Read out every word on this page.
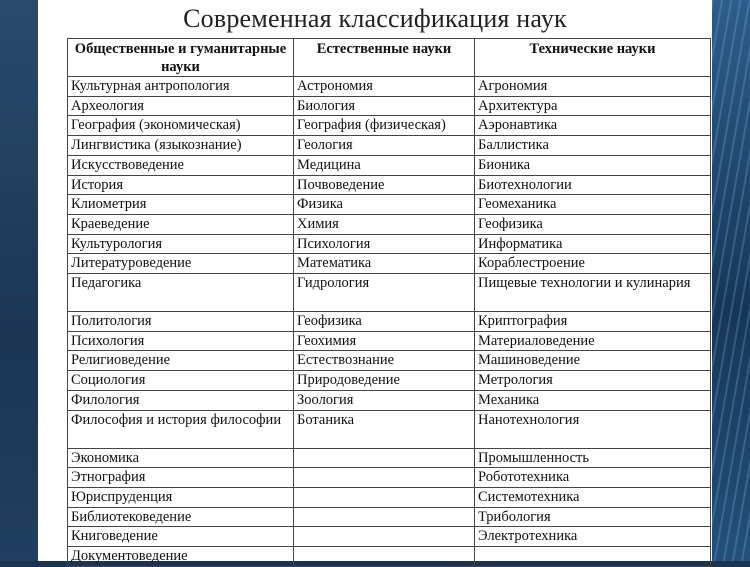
Современная классификация наук
Общественные и гуманитарные науки	Естественные науки	Технические науки
Культурная антропология	Астрономия	Агрономия
Археология	Биология	Архитектура
География (экономическая)	География (физическая)	Аэронавтика
Лингвистика (языкознание)	Геология	Баллистика
Искусствоведение	Медицина	Бионика
История	Почвоведение	Биотехнологии
Клиометрия	Физика	Геомеханика
Краеведение	Химия	Геофизика
Культурология	Психология	Информатика
Литературоведение	Математика	Кораблестроение
Педагогика	Гидрология	Пищевые технологии и кулинария
Политология	Геофизика	Криптография
Психология	Геохимия	Материаловедение
Религиоведение	Естествознание	Машиноведение
Социология	Природоведение	Метрология
Филология	Зоология	Механика
Философия и история философии	Ботаника	Нанотехнология
Экономика		Промышленность
Этнография		Робототехника
Юриспруденция		Системотехника
Библиотековедение		Трибология
Книговедение		Электротехника
Документоведение		
